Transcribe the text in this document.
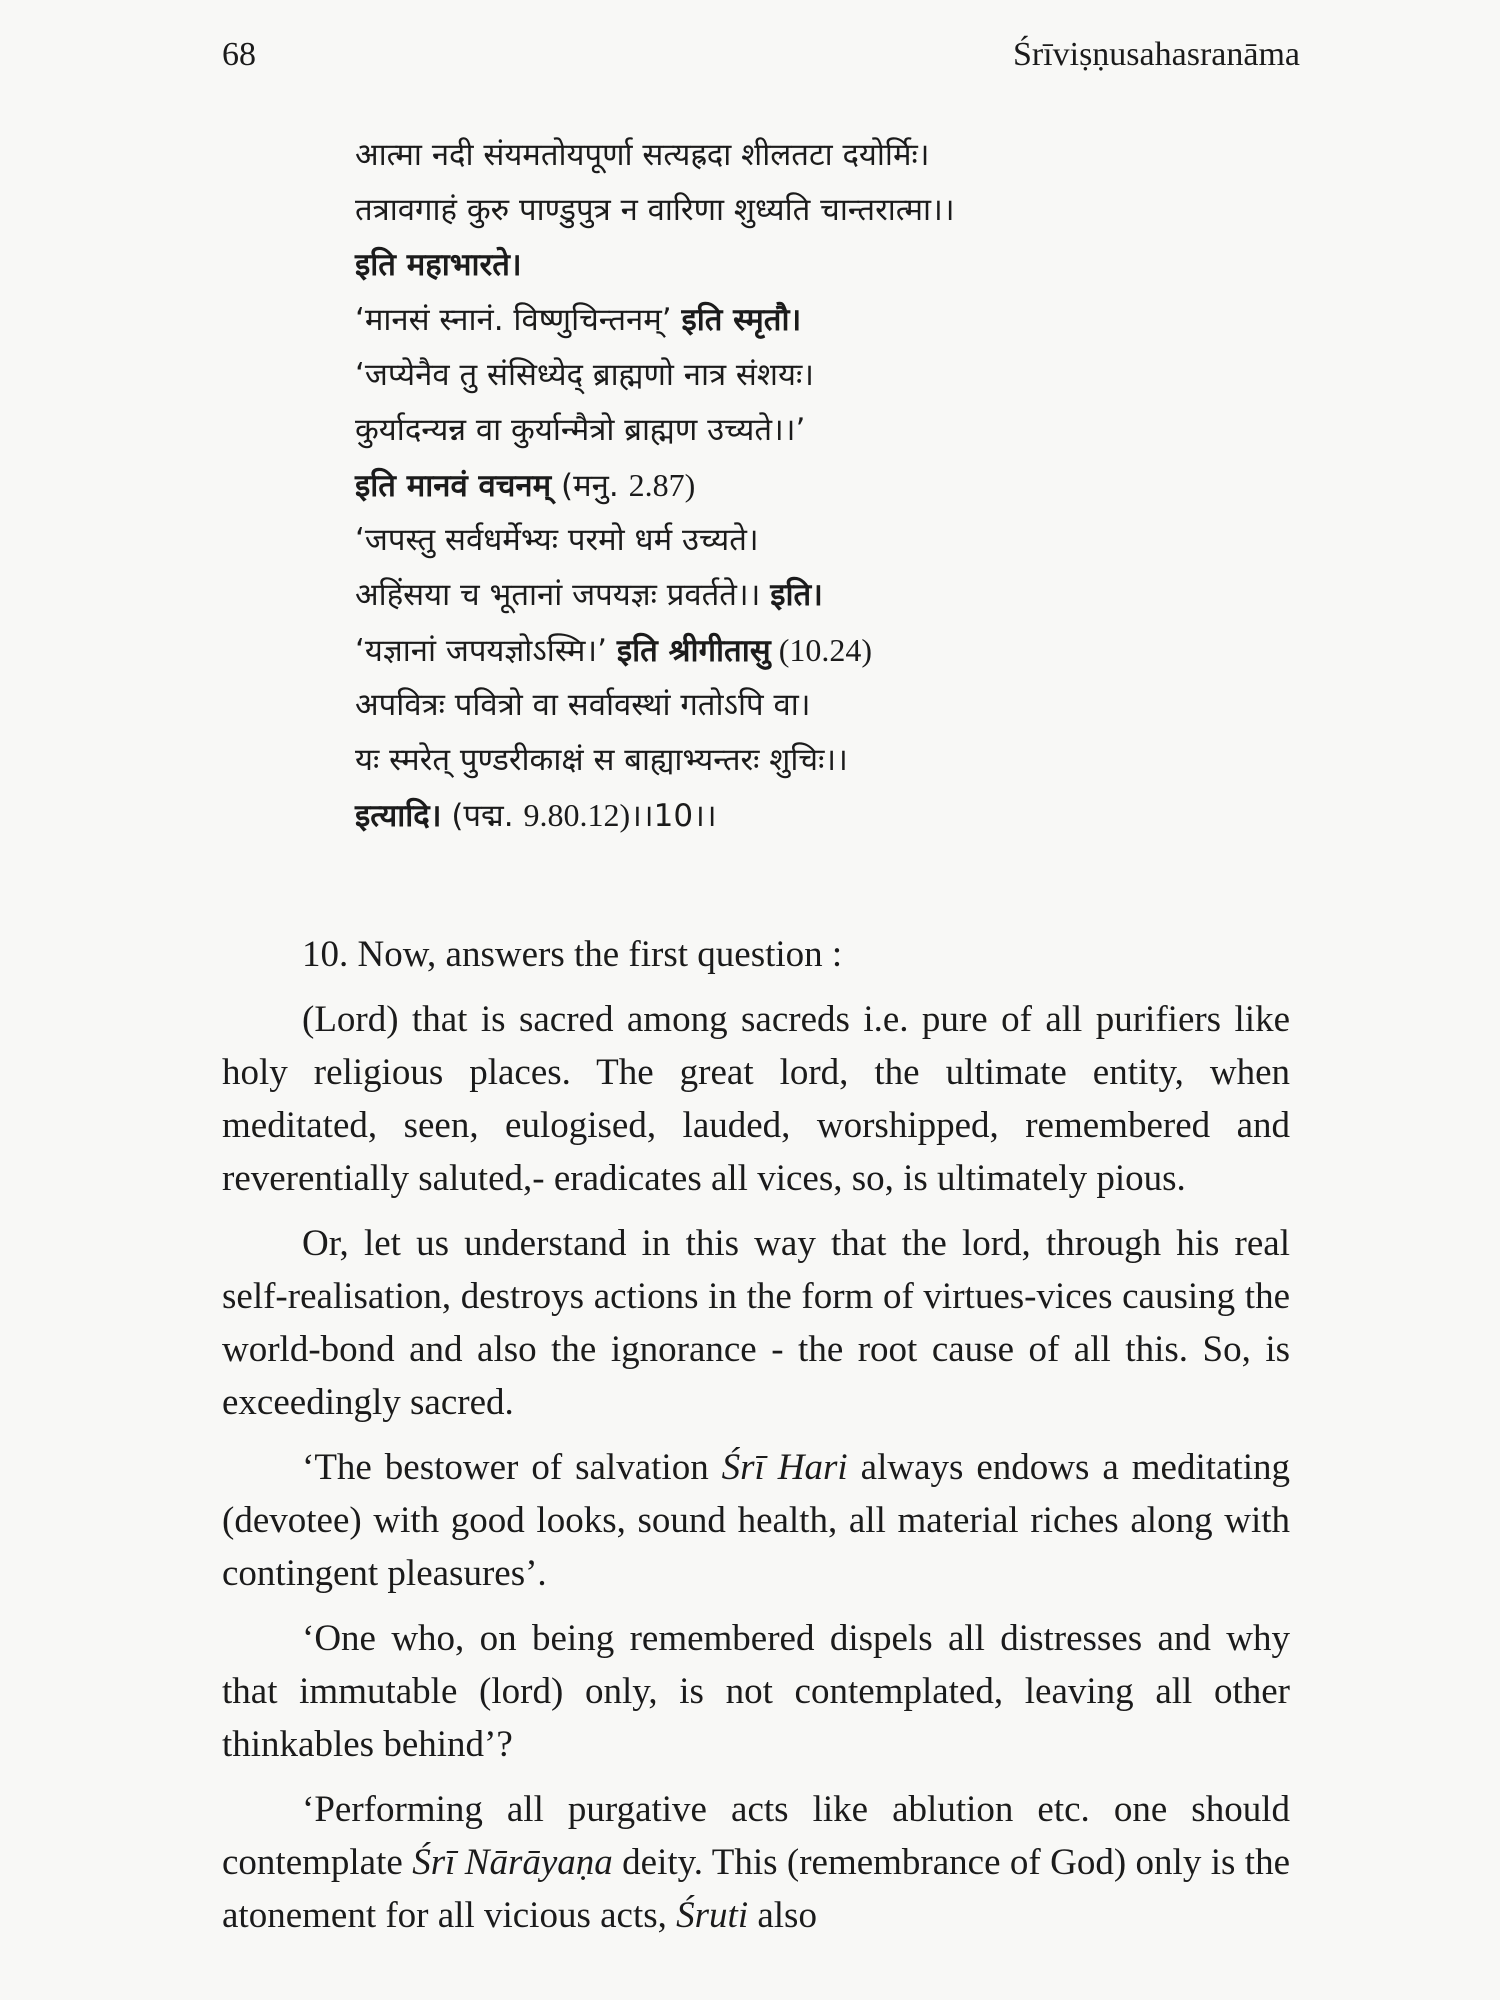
68	Śrīviṣṇusahasranāma
आत्मा नदी संयमतोयपूर्णा सत्यह्रदा शीलतटा दयोर्मिः।
तत्रावगाहं कुरु पाण्डुपुत्र न वारिणा शुध्यति चान्तरात्मा।।
इति महाभारते।
‘मानसं स्नानं. विष्णुचिन्तनम्’ इति स्मृतौ।
‘जप्येनैव तु संसिध्येद् ब्राह्मणो नात्र संशयः।
कुर्यादन्यन्न वा कुर्यान्मैत्रो ब्राह्मण उच्यते।।’
इति मानवं वचनम् (मनु. 2.87)
‘जपस्तु सर्वधर्मेभ्यः परमो धर्म उच्यते।
अहिंसया च भूतानां जपयज्ञः प्रवर्तते।। इति।
‘यज्ञानां जपयज्ञोऽस्मि।’ इति श्रीगीतासु (10.24)
अपवित्रः पवित्रो वा सर्वावस्थां गतोऽपि वा।
यः स्मरेत् पुण्डरीकाक्षं स बाह्याभ्यन्तरः शुचिः।।
इत्यादि। (पद्म. 9.80.12)।।10।।

10. Now, answers the first question :

(Lord) that is sacred among sacreds i.e. pure of all purifiers like holy religious places. The great lord, the ultimate entity, when meditated, seen, eulogised, lauded, worshipped, remembered and reverentially saluted,- eradicates all vices, so, is ultimately pious.

Or, let us understand in this way that the lord, through his real self-realisation, destroys actions in the form of virtues-vices causing the world-bond and also the ignorance - the root cause of all this. So, is exceedingly sacred.

‘The bestower of salvation Śrī Hari always endows a meditating (devotee) with good looks, sound health, all material riches along with contingent pleasures’.

‘One who, on being remembered dispels all distresses and why that immutable (lord) only, is not contemplated, leaving all other thinkables behind’?

‘Performing all purgative acts like ablution etc. one should contemplate Śrī Nārāyaṇa deity. This (remembrance of God) only is the atonement for all vicious acts, Śruti also
